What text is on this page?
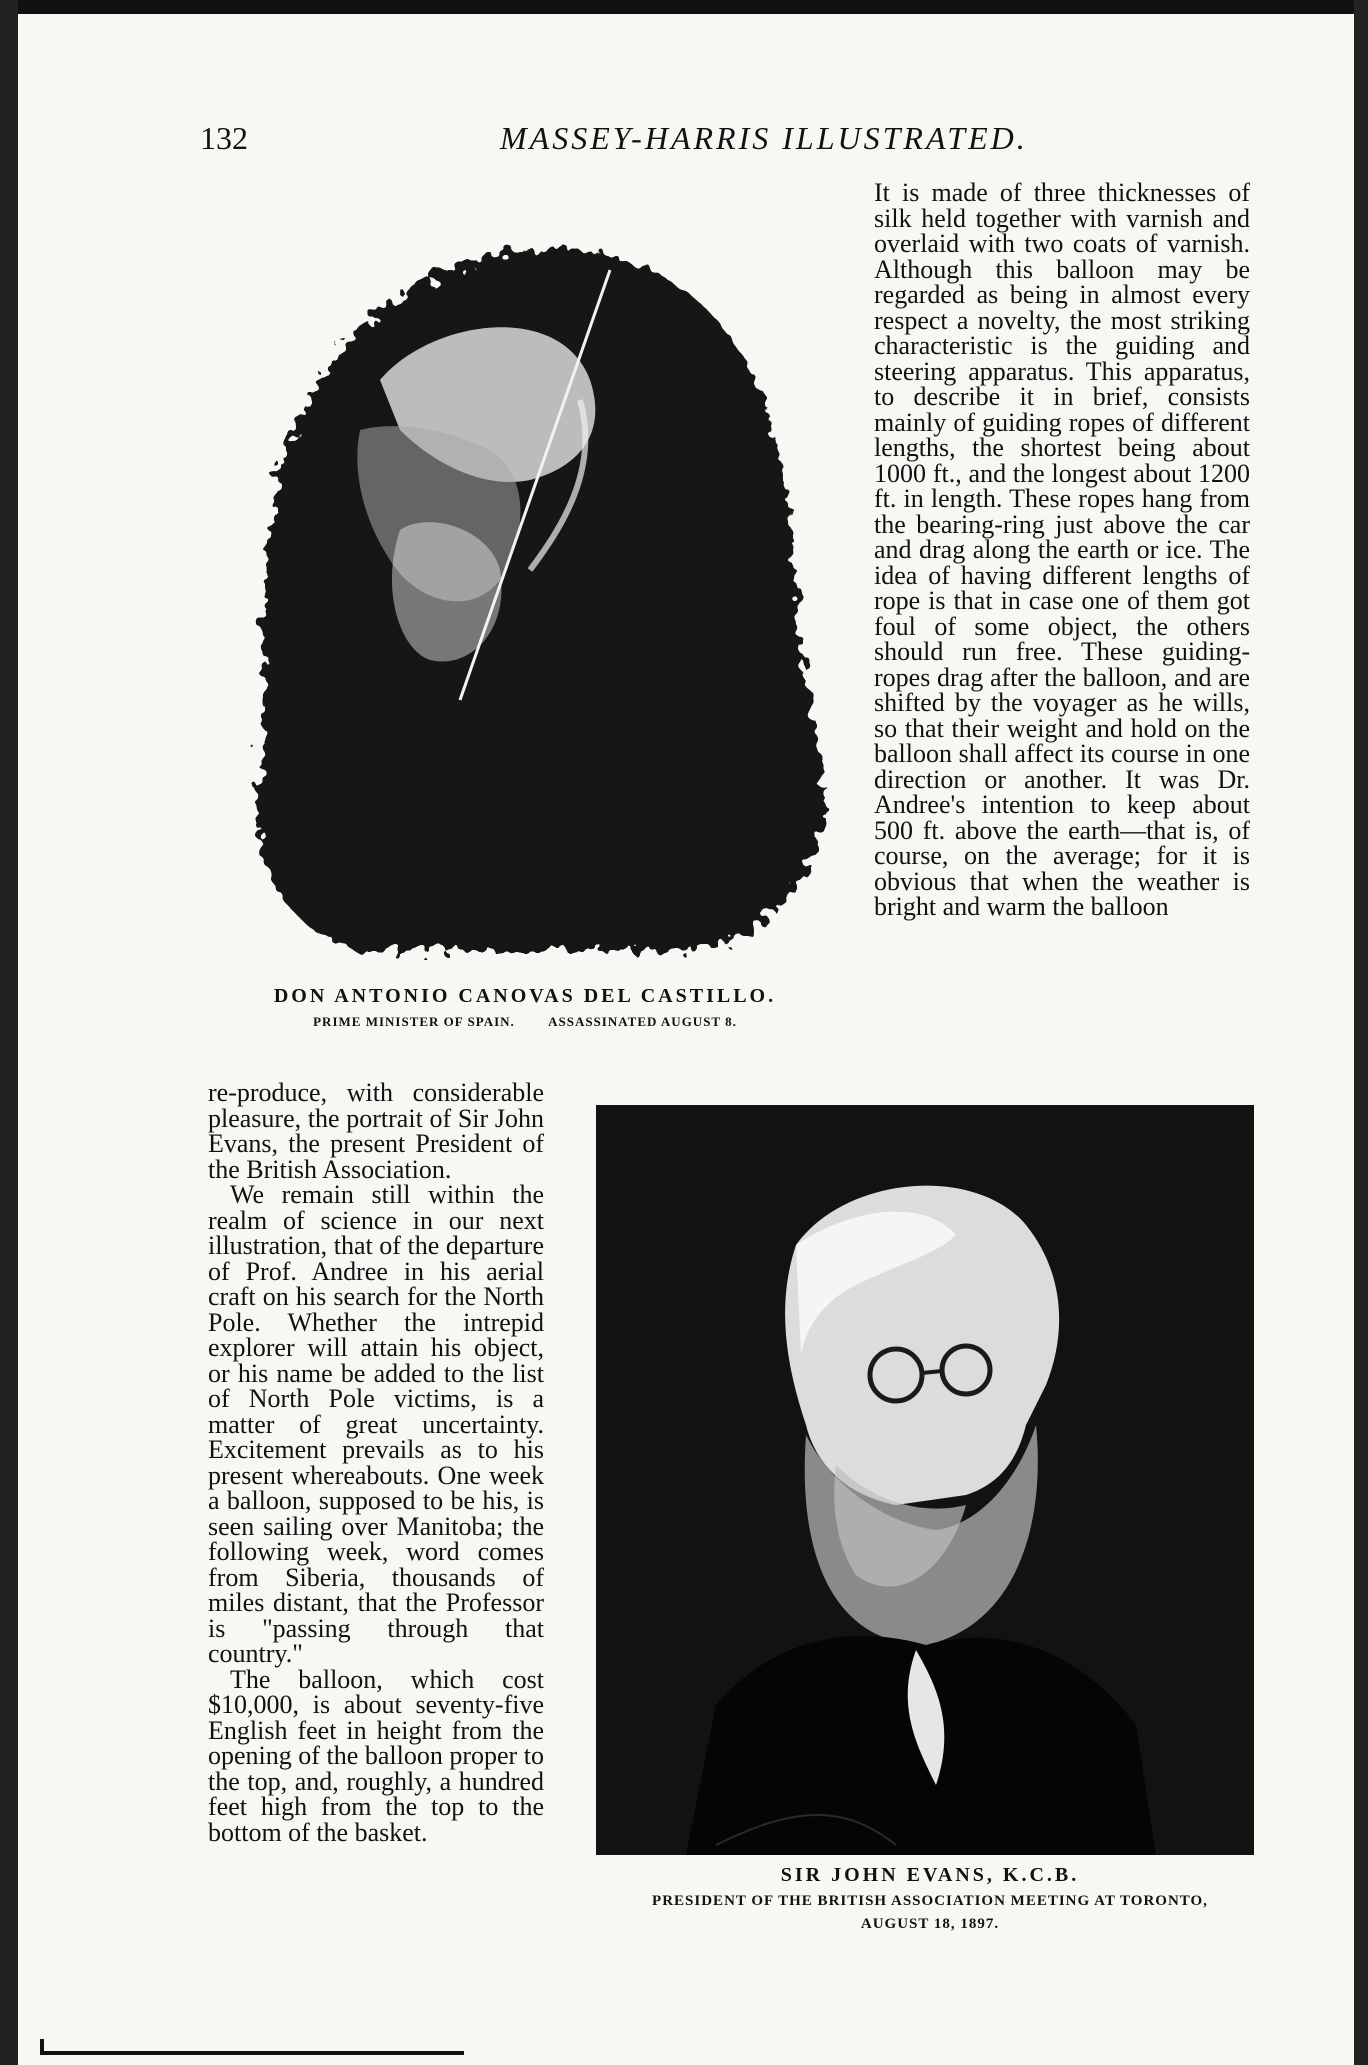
132	MASSEY-HARRIS ILLUSTRATED.
DON ANTONIO CANOVAS DEL CASTILLO.
PRIME MINISTER OF SPAIN.	ASSASSINATED AUGUST 8.

It is made of three thicknesses of silk held together with varnish and overlaid with two coats of varnish. Although this balloon may be regarded as being in almost every respect a novelty, the most striking characteristic is the guiding and steering apparatus. This apparatus, to describe it in brief, consists mainly of guiding ropes of different lengths, the shortest being about 1000 ft., and the longest about 1200 ft. in length. These ropes hang from the bearing-ring just above the car and drag along the earth or ice. The idea of having different lengths of rope is that in case one of them got foul of some object, the others should run free. These guiding-ropes drag after the balloon, and are shifted by the voyager as he wills, so that their weight and hold on the balloon shall affect its course in one direction or another. It was Dr. Andree's intention to keep about 500 ft. above the earth—that is, of course, on the average; for it is obvious that when the weather is bright and warm the balloon

re-produce, with considerable pleasure, the portrait of Sir John Evans, the present President of the British Association.

We remain still within the realm of science in our next illustration, that of the departure of Prof. Andree in his aerial craft on his search for the North Pole. Whether the intrepid explorer will attain his object, or his name be added to the list of North Pole victims, is a matter of great uncertainty. Excitement prevails as to his present whereabouts. One week a balloon, supposed to be his, is seen sailing over Manitoba; the following week, word comes from Siberia, thousands of miles distant, that the Professor is "passing through that country."

The balloon, which cost $10,000, is about seventy-five English feet in height from the opening of the balloon proper to the top, and, roughly, a hundred feet high from the top to the bottom of the basket.

SIR JOHN EVANS, K.C.B.
PRESIDENT OF THE BRITISH ASSOCIATION MEETING AT TORONTO,
AUGUST 18, 1897.
